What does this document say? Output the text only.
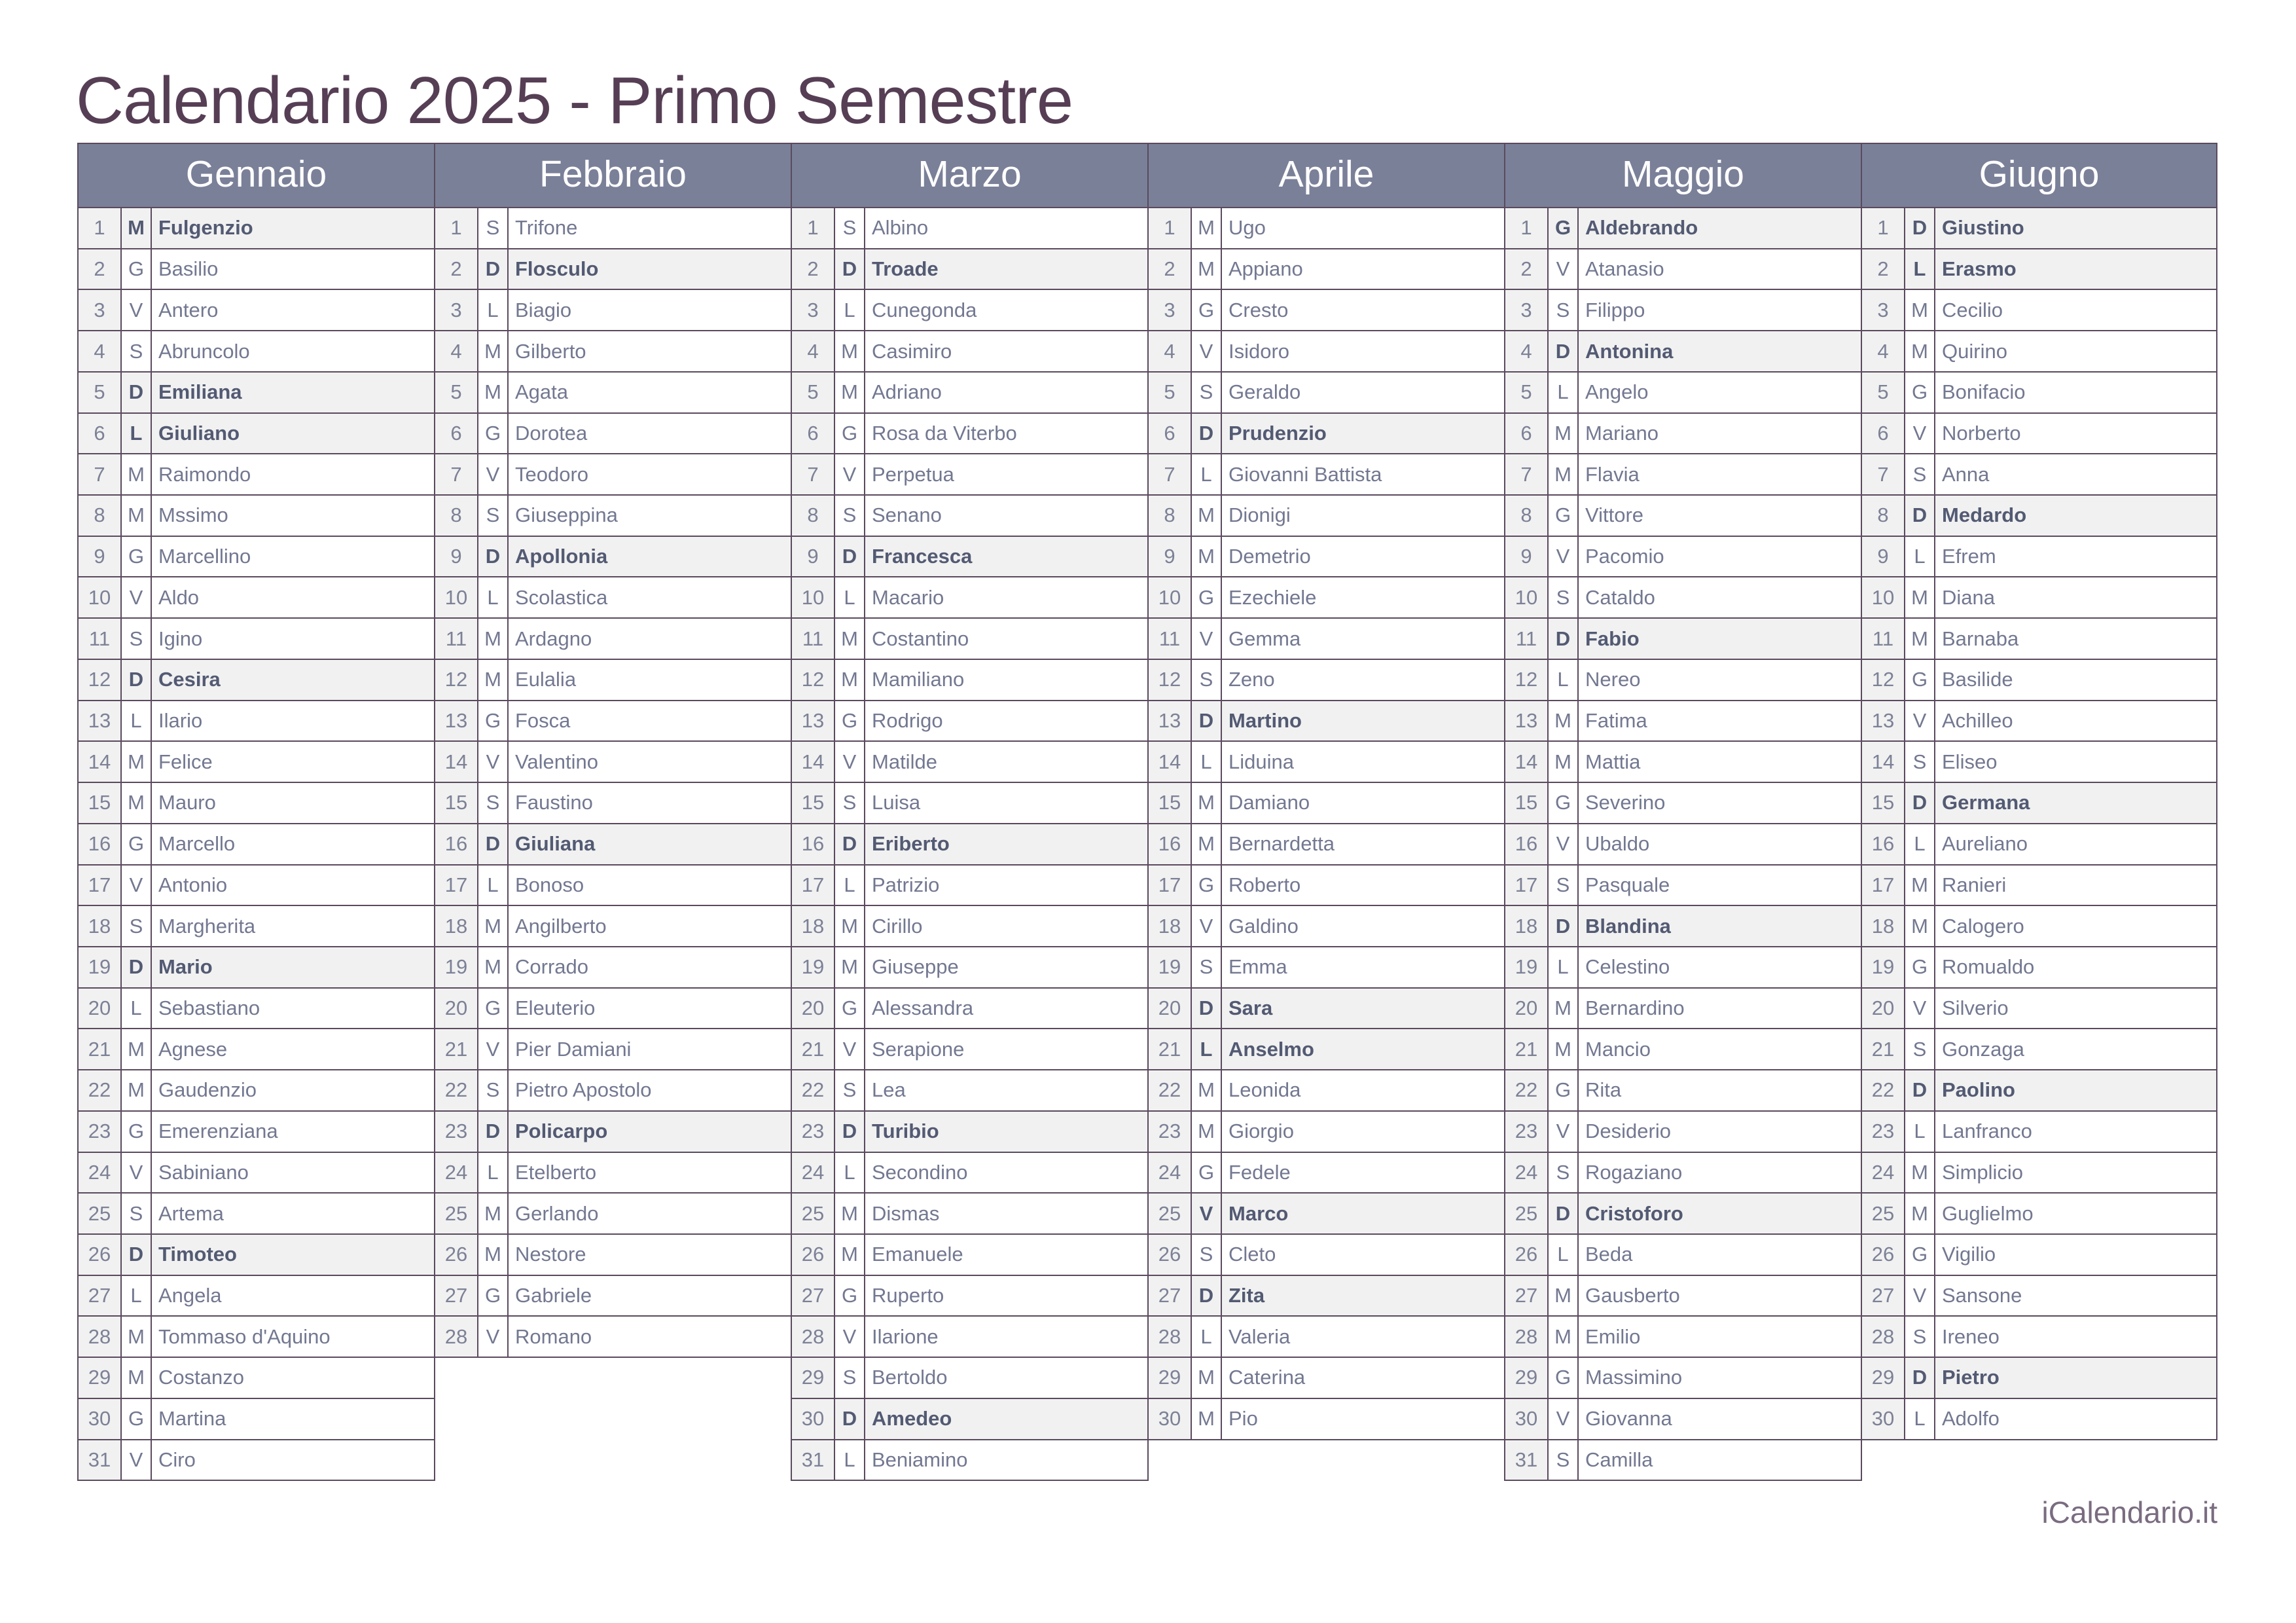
Calendario 2025 - Primo Semestre
Gennaio
1	M Fulgenzio
2	G Basilio
3	V Antero
4	S Abruncolo
5	D Emiliana
6	L Giuliano
7	M Raimondo
8	M Mssimo
9	G Marcellino
10 V Aldo
11 S Igino
12 D Cesira
13 L Ilario
14 M Felice
15 M Mauro
16 G Marcello
17 V Antonio
18 S Margherita
19 D Mario
20 L Sebastiano
21 M Agnese
22 M Gaudenzio
23 G Emerenziana
24 V Sabiniano
25 S Artema
26 D Timoteo
27 L Angela
28 M Tommaso d'Aquino
29 M Costanzo
30 G Martina
31 V Ciro
Febbraio
1	S Trifone
2	D Flosculo
3	L Biagio
4	M Gilberto
5	M Agata
6	G Dorotea
7	V Teodoro
8	S Giuseppina
9	D Apollonia
10 L Scolastica
11 M Ardagno
12 M Eulalia
13 G Fosca
14 V Valentino
15 S Faustino
16 D Giuliana
17 L Bonoso
18 M Angilberto
19 M Corrado
20 G Eleuterio
21 V Pier Damiani
22 S Pietro Apostolo
23 D Policarpo
24 L Etelberto
25 M Gerlando
26 M Nestore
27 G Gabriele
28 V Romano
Marzo
1	S Albino
2	D Troade
3	L Cunegonda
4	M Casimiro
5	M Adriano
6	G Rosa da Viterbo
7	V Perpetua
8	S Senano
9	D Francesca
10 L Macario
11 M Costantino
12 M Mamiliano
13 G Rodrigo
14 V Matilde
15 S Luisa
16 D Eriberto
17 L Patrizio
18 M Cirillo
19 M Giuseppe
20 G Alessandra
21 V Serapione
22 S Lea
23 D Turibio
24 L Secondino
25 M Dismas
26 M Emanuele
27 G Ruperto
28 V Ilarione
29 S Bertoldo
30 D Amedeo
31 L Beniamino
Aprile
1	M Ugo
2	M Appiano
3	G Cresto
4	V Isidoro
5	S Geraldo
6	D Prudenzio
7	L Giovanni Battista
8	M Dionigi
9	M Demetrio
10 G Ezechiele
11 V Gemma
12 S Zeno
13 D Martino
14 L Liduina
15 M Damiano
16 M Bernardetta
17 G Roberto
18 V Galdino
19 S Emma
20 D Sara
21 L Anselmo
22 M Leonida
23 M Giorgio
24 G Fedele
25 V Marco
26 S Cleto
27 D Zita
28 L Valeria
29 M Caterina
30 M Pio
Maggio
1	G Aldebrando
2	V Atanasio
3	S Filippo
4	D Antonina
5	L Angelo
6	M Mariano
7	M Flavia
8	G Vittore
9	V Pacomio
10 S Cataldo
11 D Fabio
12 L Nereo
13 M Fatima
14 M Mattia
15 G Severino
16 V Ubaldo
17 S Pasquale
18 D Blandina
19 L Celestino
20 M Bernardino
21 M Mancio
22 G Rita
23 V Desiderio
24 S Rogaziano
25 D Cristoforo
26 L Beda
27 M Gausberto
28 M Emilio
29 G Massimino
30 V Giovanna
31 S Camilla
Giugno
1	D Giustino
2	L Erasmo
3	M Cecilio
4	M Quirino
5	G Bonifacio
6	V Norberto
7	S Anna
8	D Medardo
9	L Efrem
10 M Diana
11 M Barnaba
12 G Basilide
13 V Achilleo
14 S Eliseo
15 D Germana
16 L Aureliano
17 M Ranieri
18 M Calogero
19 G Romualdo
20 V Silverio
21 S Gonzaga
22 D Paolino
23 L Lanfranco
24 M Simplicio
25 M Guglielmo
26 G Vigilio
27 V Sansone
28 S Ireneo
29 D Pietro
30 L Adolfo
iCalendario.it
